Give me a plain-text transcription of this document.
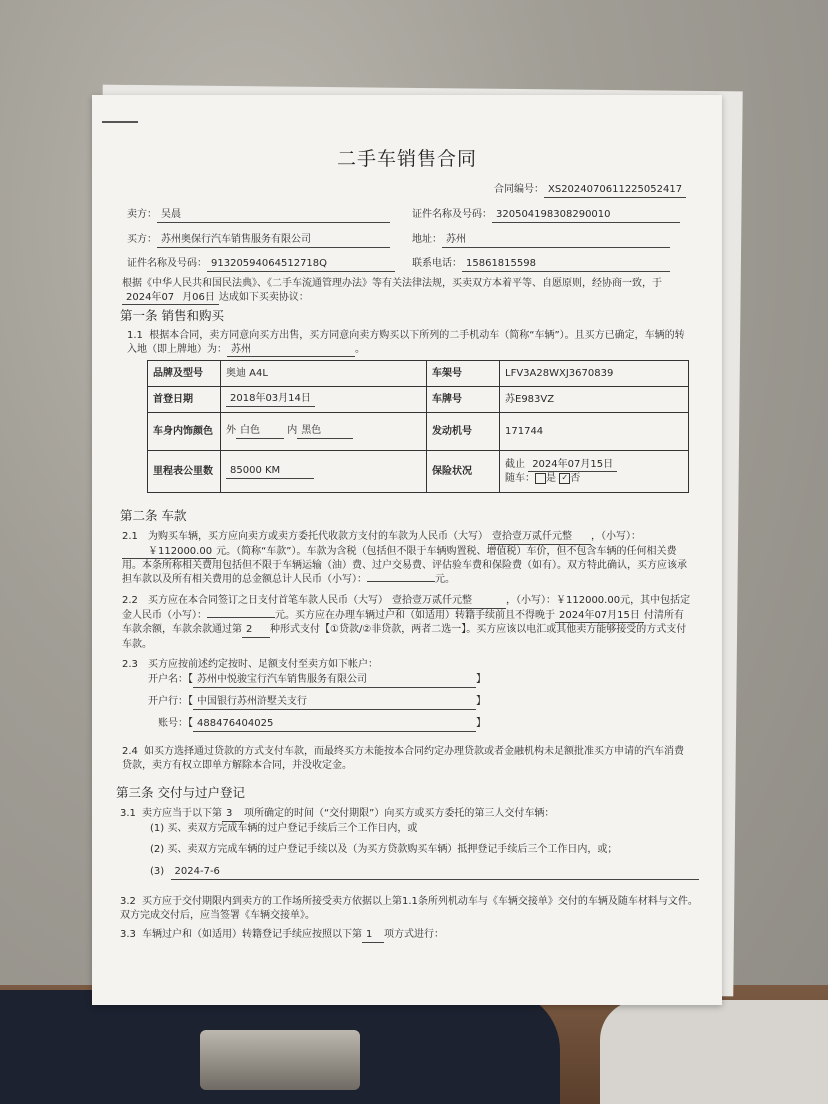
二手车销售合同
合同编号： XS2024070611225052417
卖方： 吴晨	证件名称及号码： 320504198308290010
买方： 苏州奥保行汽车销售服务有限公司	地址： 苏州
证件名称及号码： 91320594064512718Q	联系电话： 15861815598
根据《中华人民共和国民法典》、《二手车流通管理办法》等有关法律法规，买卖双方本着平等、自愿原则，经协商一致，于2024年07 月06日 达成如下买卖协议：
第一条 销售和购买
1.1 根据本合同，卖方同意向买方出售，买方同意向卖方购买以下所列的二手机动车（简称“车辆”）。且买方已确定，车辆的转入地（即上牌地）为： 苏州	。
品牌及型号	奥迪 A4L	车架号	LFV3A28WXJ3670839
首登日期	2018年03月14日	车牌号	苏E983VZ
车身内饰颜色	外 白色 内 黑色	发动机号	171744
里程表公里数	85000 KM	保险状况	截止 2024年07月15日
随车： 是 ✓ 否
第二条 车款
2.1 为购买车辆，买方应向卖方或卖方委托代收款方支付的车款为人民币（大写） 壹拾壹万贰仟元整 ，（小写）：
￥112000.00 元。（简称“车款”）。车款为含税（包括但不限于车辆购置税、增值税）车价，但不包含车辆的任何相关费用。本条所称相关费用包括但不限于车辆运输（油）费、过户交易费、评估验车费和保险费（如有）。双方特此确认，买方应该承担车款以及所有相关费用的总金额总计人民币（小写）：	元。
2.2 买方应在本合同签订之日支付首笔车款人民币（大写） 壹拾壹万贰仟元整	，（小写）：￥112000.00元，其中包括定金人民币（小写）：	元。买方应在办理车辆过户和（如适用）转籍手续前且不得晚于 2024年07月15日 付清所有车款余额，车款余款通过第 2 种形式支付【①贷款/②非贷款，两者二选一】。买方应该以电汇或其他卖方能够接受的方式支付车款。
2.3 买方应按前述约定按时、足额支付至卖方如下帐户：
开户名：【 苏州中悦骏宝行汽车销售服务有限公司	】
开户行：【 中国银行苏州浒墅关支行	】
账号：【 488476404025	】
2.4 如买方选择通过贷款的方式支付车款，而最终买方未能按本合同约定办理贷款或者金融机构未足额批准买方申请的汽车消费贷款，卖方有权立即单方解除本合同，并没收定金。
第三条 交付与过户登记
3.1 卖方应当于以下第 3 项所确定的时间（“交付期限”）向买方或买方委托的第三人交付车辆：
(1) 买、卖双方完成车辆的过户登记手续后三个工作日内，或
(2) 买、卖双方完成车辆的过户登记手续以及（为买方贷款购买车辆）抵押登记手续后三个工作日内，或；
(3) 2024-7-6
3.2 买方应于交付期限内到卖方的工作场所接受卖方依据以上第1.1条所列机动车与《车辆交接单》交付的车辆及随车材料与文件。双方完成交付后，应当签署《车辆交接单》。
3.3 车辆过户和（如适用）转籍登记手续应按照以下第 1 项方式进行：
